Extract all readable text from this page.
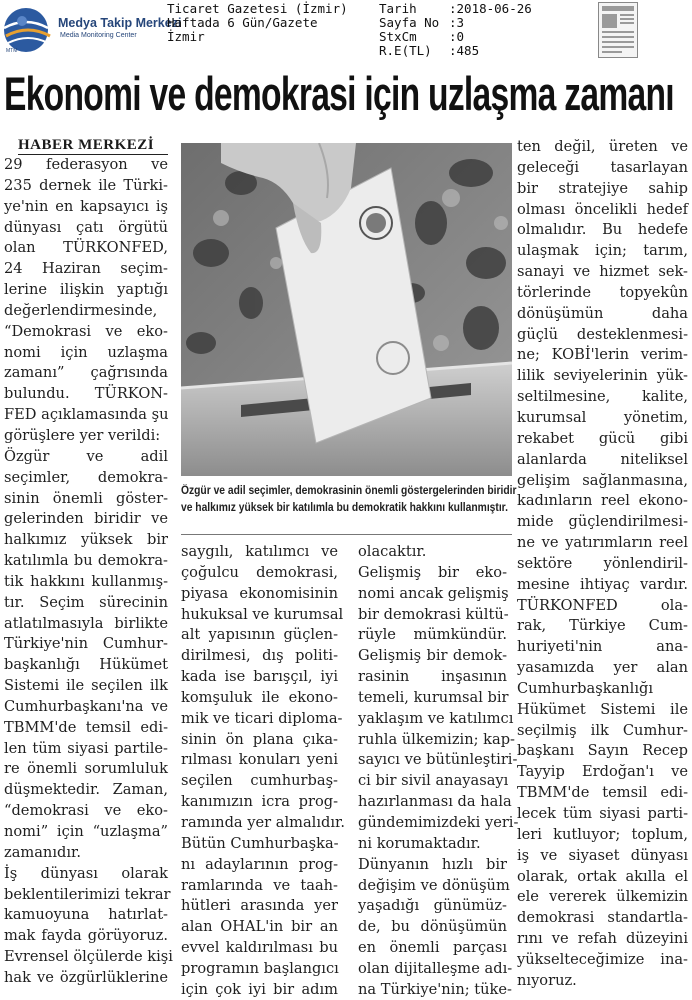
Medya Takip Merkezi
Media Monitoring Center
MTM
Ticaret Gazetesi (İzmir)
Haftada 6 Gün/Gazete
İzmir
Tarih	:2018-06-26
Sayfa No :3
StxCm	:0
R.E(TL)	:485
Ekonomi ve demokrasi için uzlaşma zamanı
HABER MERKEZİ
29 federasyon ve
235 dernek ile Türki-
ye'nin en kapsayıcı iş
dünyası çatı örgütü
olan TÜRKONFED,
24 Haziran seçim-
lerine ilişkin yaptığı
değerlendirmesinde,
“Demokrasi ve eko-
nomi için uzlaşma
zamanı” çağrısında
bulundu. TÜRKON-
FED açıklamasında şu
görüşlere yer verildi:
Özgür ve adil
seçimler, demokra-
sinin önemli göster-
gelerinden biridir ve
halkımız yüksek bir
katılımla bu demokra-
tik hakkını kullanmış-
tır. Seçim sürecinin
atlatılmasıyla birlikte
Türkiye'nin Cumhur-
başkanlığı Hükümet
Sistemi ile seçilen ilk
Cumhurbaşkanı'na ve
TBMM'de temsil edi-
len tüm siyasi partile-
re önemli sorumluluk
düşmektedir. Zaman,
“demokrasi ve eko-
nomi” için “uzlaşma”
zamanıdır.
İş dünyası olarak
beklentilerimizi tekrar
kamuoyuna hatırlat-
mak fayda görüyoruz.
Evrensel ölçülerde kişi
hak ve özgürlüklerine
Özgür ve adil seçimler, demokrasinin önemli göstergelerinden biridir
ve halkımız yüksek bir katılımla bu demokratik hakkını kullanmıştır.
saygılı, katılımcı ve
çoğulcu demokrasi,
piyasa ekonomisinin
hukuksal ve kurumsal
alt yapısının güçlen-
dirilmesi, dış politi-
kada ise barışçıl, iyi
komşuluk ile ekono-
mik ve ticari diploma-
sinin ön plana çıka-
rılması konuları yeni
seçilen cumhurbaş-
kanımızın icra prog-
ramında yer almalıdır.
Bütün Cumhurbaşka-
nı adaylarının prog-
ramlarında ve taah-
hütleri arasında yer
alan OHAL'in bir an
evvel kaldırılması bu
programın başlangıcı
için çok iyi bir adım
olacaktır.
Gelişmiş bir eko-
nomi ancak gelişmiş
bir demokrasi kültü-
rüyle mümkündür.
Gelişmiş bir demok-
rasinin inşasının
temeli, kurumsal bir
yaklaşım ve katılımcı
ruhla ülkemizin; kap-
sayıcı ve bütünleştiri-
ci bir sivil anayasayı
hazırlanması da hala
gündemimizdeki yeri-
ni korumaktadır.
Dünyanın hızlı bir
değişim ve dönüşüm
yaşadığı günümüz-
de, bu dönüşümün
en önemli parçası
olan dijitalleşme adı-
na Türkiye'nin; tüke-
ten değil, üreten ve
geleceği tasarlayan
bir stratejiye sahip
olması öncelikli hedef
olmalıdır. Bu hedefe
ulaşmak için; tarım,
sanayi ve hizmet sek-
törlerinde topyekûn
dönüşümün daha
güçlü desteklenmesi-
ne; KOBİ'lerin verim-
lilik seviyelerinin yük-
seltilmesine, kalite,
kurumsal yönetim,
rekabet gücü gibi
alanlarda niteliksel
gelişim sağlanmasına,
kadınların reel ekono-
mide güçlendirilmesi-
ne ve yatırımların reel
sektöre yönlendiril-
mesine ihtiyaç vardır.
TÜRKONFED ola-
rak, Türkiye Cum-
huriyeti'nin ana-
yasamızda yer alan
Cumhurbaşkanlığı
Hükümet Sistemi ile
seçilmiş ilk Cumhur-
başkanı Sayın Recep
Tayyip Erdoğan'ı ve
TBMM'de temsil edi-
lecek tüm siyasi parti-
leri kutluyor; toplum,
iş ve siyaset dünyası
olarak, ortak akılla el
ele vererek ülkemizin
demokrasi standartla-
rını ve refah düzeyini
yükselteceğimize ina-
nıyoruz.
